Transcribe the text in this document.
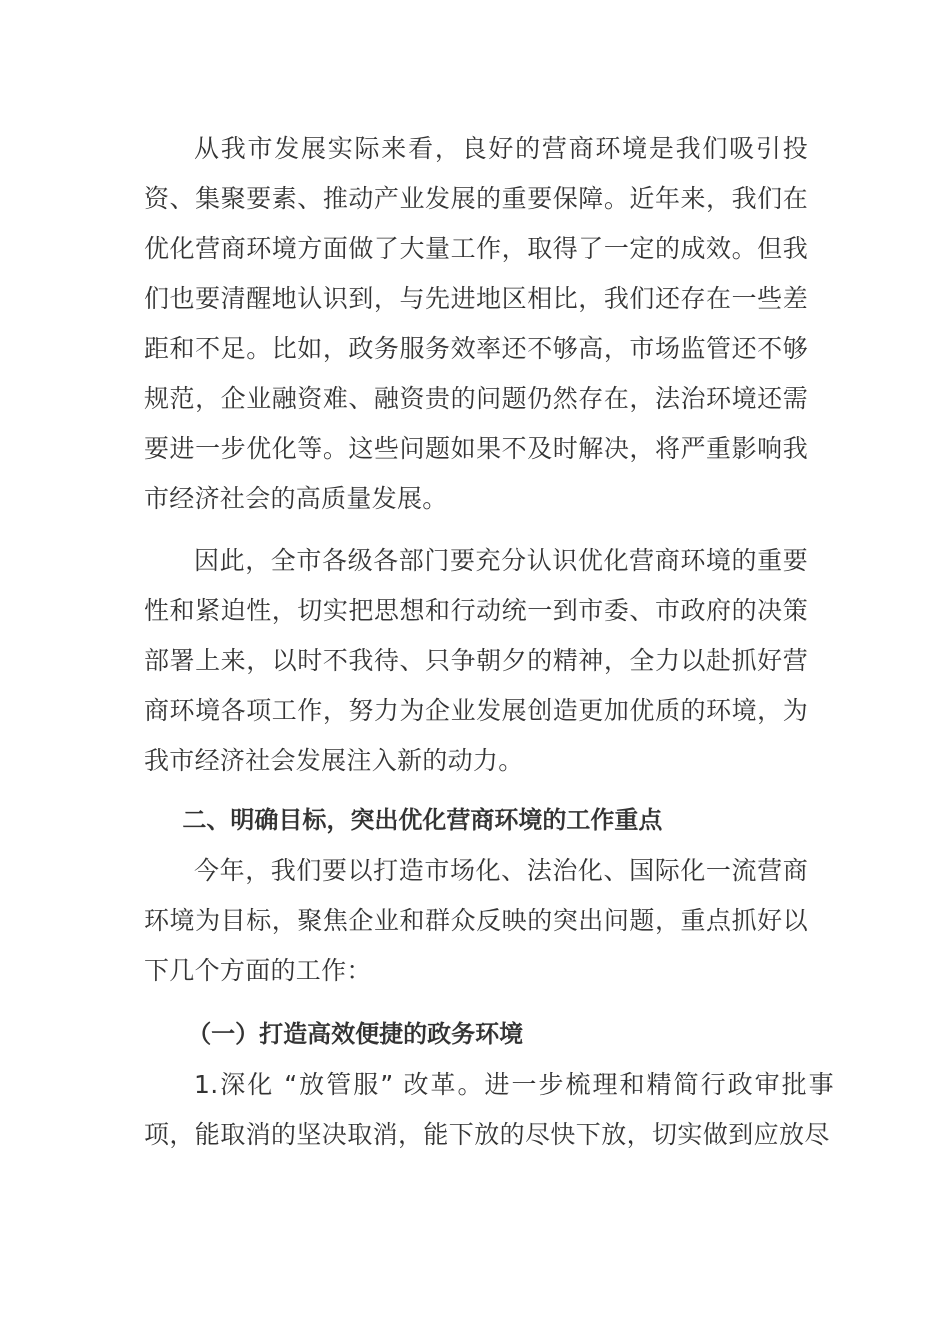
从我市发展实际来看，良好的营商环境是我们吸引投资、集聚要素、推动产业发展的重要保障。近年来，我们在优化营商环境方面做了大量工作，取得了一定的成效。但我们也要清醒地认识到，与先进地区相比，我们还存在一些差距和不足。比如，政务服务效率还不够高，市场监管还不够规范，企业融资难、融资贵的问题仍然存在，法治环境还需要进一步优化等。这些问题如果不及时解决，将严重影响我市经济社会的高质量发展。

因此，全市各级各部门要充分认识优化营商环境的重要性和紧迫性，切实把思想和行动统一到市委、市政府的决策部署上来，以时不我待、只争朝夕的精神，全力以赴抓好营商环境各项工作，努力为企业发展创造更加优质的环境，为我市经济社会发展注入新的动力。

二、明确目标，突出优化营商环境的工作重点

今年，我们要以打造市场化、法治化、国际化一流营商环境为目标，聚焦企业和群众反映的突出问题，重点抓好以下几个方面的工作：

（一）打造高效便捷的政务环境

1.深化 “放管服” 改革。进一步梳理和精简行政审批事项，能取消的坚决取消，能下放的尽快下放，切实做到应放尽
